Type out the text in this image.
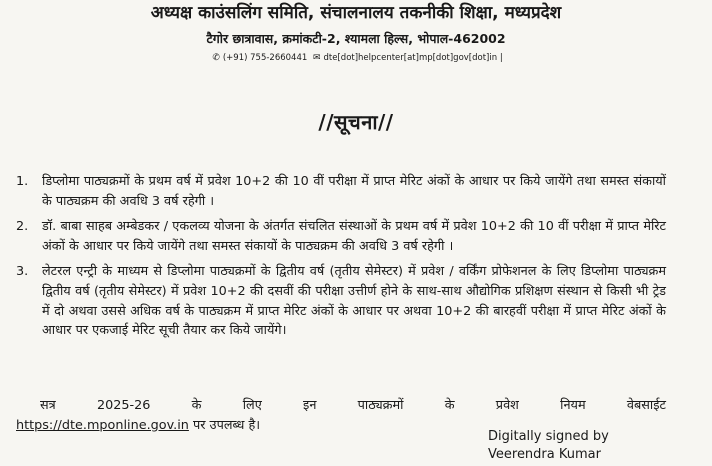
अध्यक्ष काउंसलिंग समिति, संचालनालय तकनीकी शिक्षा, मध्यप्रदेश
टैगोर छात्रावास, क्रमांकटी-2, श्यामला हिल्स, भोपाल-462002
✆ (+91) 755-2660441 ✉ dte[dot]helpcenter[at]mp[dot]gov[dot]in |
//सूचना//
1. डिप्लोमा पाठ्यक्रमों के प्रथम वर्ष में प्रवेश 10+2 की 10 वीं परीक्षा में प्राप्त मेरिट अंकों के आधार पर किये जायेंगे तथा समस्त संकायों के पाठ्यक्रम की अवधि 3 वर्ष रहेगी ।
2. डॉ. बाबा साहब अम्बेडकर / एकलव्य योजना के अंतर्गत संचलित संस्थाओं के प्रथम वर्ष में प्रवेश 10+2 की 10 वीं परीक्षा में प्राप्त मेरिट अंकों के आधार पर किये जायेंगे तथा समस्त संकायों के पाठ्यक्रम की अवधि 3 वर्ष रहेगी ।
3. लेटरल एन्ट्री के माध्यम से डिप्लोमा पाठ्यक्रमों के द्वितीय वर्ष (तृतीय सेमेस्टर) में प्रवेश / वर्किंग प्रोफेशनल के लिए डिप्लोमा पाठ्यक्रम द्वितीय वर्ष (तृतीय सेमेस्टर) में प्रवेश 10+2 की दसवीं की परीक्षा उत्तीर्ण होने के साथ-साथ औद्योगिक प्रशिक्षण संस्थान से किसी भी ट्रेड में दो अथवा उससे अधिक वर्ष के पाठ्यक्रम में प्राप्त मेरिट अंकों के आधार पर अथवा 10+2 की बारहवीं परीक्षा में प्राप्त मेरिट अंकों के आधार पर एकजाई मेरिट सूची तैयार कर किये जायेंगे।
सत्र	2025-26	के	लिए	इन	पाठ्यक्रमों	के	प्रवेश	नियम	वेबसाईट
https://dte.mponline.gov.in पर उपलब्ध है।
Digitally signed by
Veerendra Kumar
